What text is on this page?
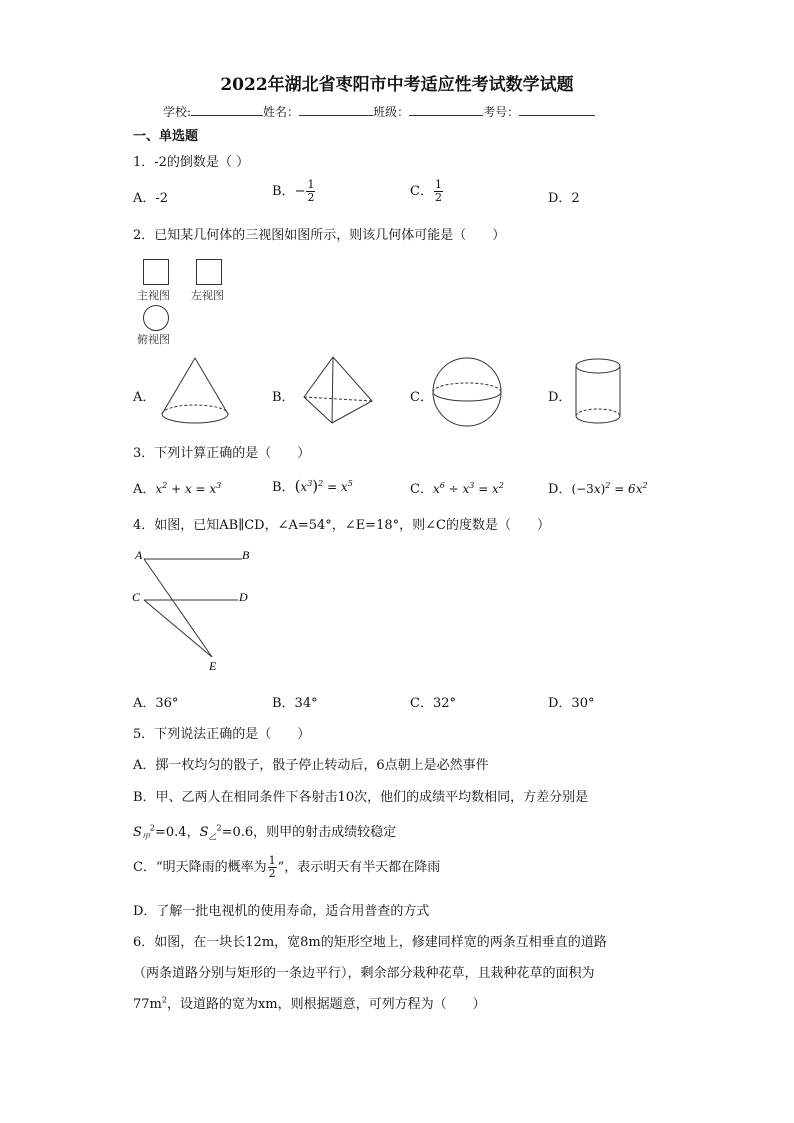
2022年湖北省枣阳市中考适应性考试数学试题
学校:	姓名：	班级：	考号：
一、单选题
1．-2的倒数是（ ）
A．-2	B．− $\frac{1}{2}$	C． $\frac{1}{2}$	D．2
2．已知某几何体的三视图如图所示，则该几何体可能是（　　）
主视图 左视图
俯视图
A．	B．	C．	D．
3．下列计算正确的是（　　）
A．$x^2 + x = x^3$	B．$(x^3)^2 = x^5$	C．$x^6 \div x^3 = x^2$	D．$(-3x)^2 = 6x^2$
4．如图，已知AB∥CD，∠A=54°，∠E=18°，则∠C的度数是（　　）
A	B
C	D
E
A．36°	B．34°	C．32°	D．30°
5．下列说法正确的是（　　）
A．掷一枚均匀的骰子，骰子停止转动后，6点朝上是必然事件
B．甲、乙两人在相同条件下各射击10次，他们的成绩平均数相同，方差分别是
$S_甲^2=0.4$，$S_乙^2=0.6$，则甲的射击成绩较稳定
C．“明天降雨的概率为 $\frac{1}{2}$ ”，表示明天有半天都在降雨
D．了解一批电视机的使用寿命，适合用普查的方式
6．如图，在一块长12m，宽8m的矩形空地上，修建同样宽的两条互相垂直的道路
（两条道路分别与矩形的一条边平行），剩余部分栽种花草，且栽种花草的面积为
$77m^2$，设道路的宽为xm，则根据题意，可列方程为（　　）
